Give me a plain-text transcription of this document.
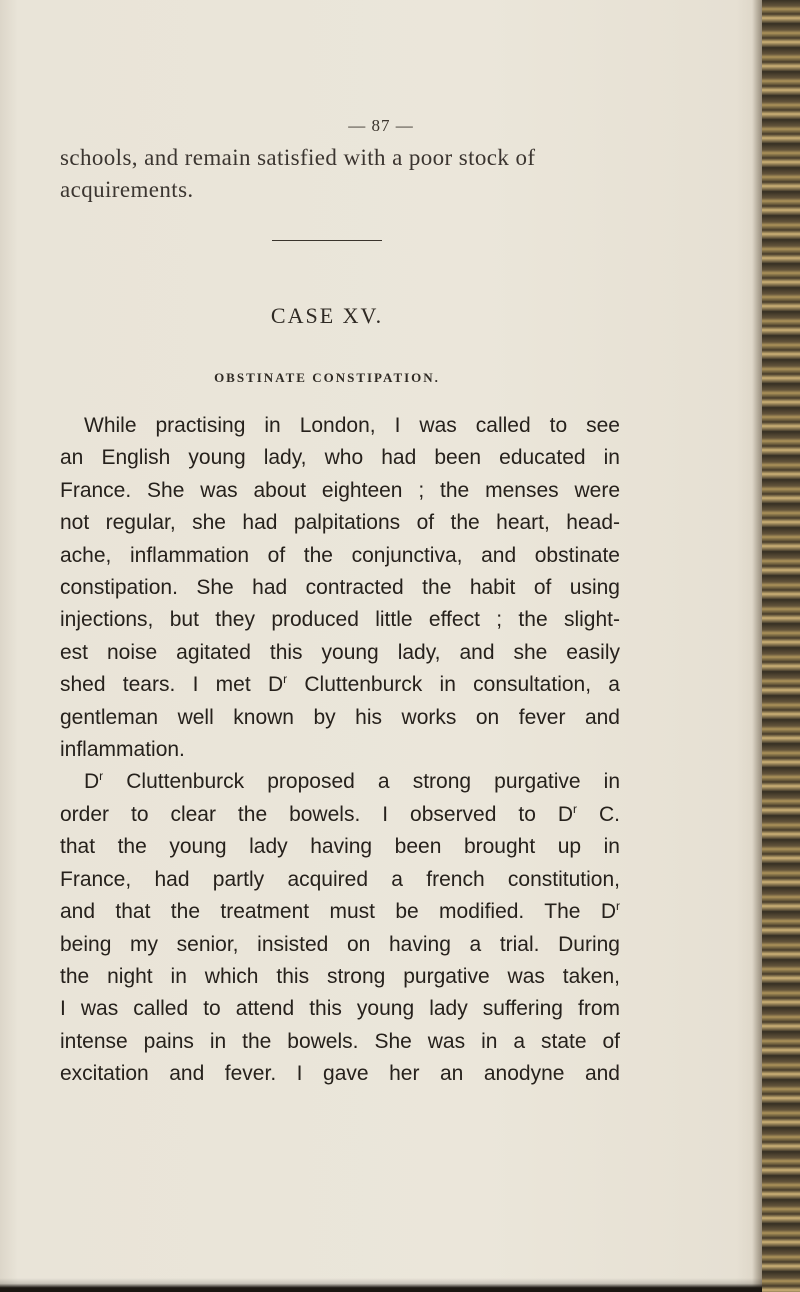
— 87 —
schools, and remain satisfied with a poor stock of
acquirements.
CASE XV.
OBSTINATE CONSTIPATION.
While practising in London, I was called to see
an English young lady, who had been educated in
France. She was about eighteen ; the menses were
not regular, she had palpitations of the heart, head-
ache, inflammation of the conjunctiva, and obstinate
constipation. She had contracted the habit of using
injections, but they produced little effect ; the slight-
est noise agitated this young lady, and she easily
shed tears. I met $D^r$ Cluttenburck in consultation, a
gentleman well known by his works on fever and
inflammation.
$D^r$ Cluttenburck proposed a strong purgative in
order to clear the bowels. I observed to $D^r$ C.
that the young lady having been brought up in
France, had partly acquired a french constitution,
and that the treatment must be modified. The $D^r$
being my senior, insisted on having a trial. During
the night in which this strong purgative was taken,
I was called to attend this young lady suffering from
intense pains in the bowels. She was in a state of
excitation and fever. I gave her an anodyne and
